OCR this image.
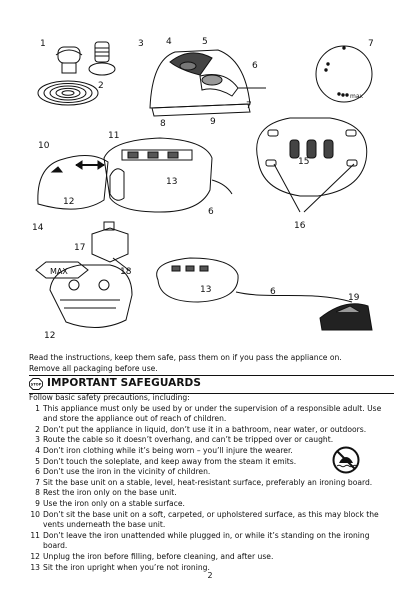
1
2
3 4	5
6
7
7
8	9
10
11
12
13
6
14
15
16
17
18
12
13	6
19
MAX
max

Read the instructions, keep them safe, pass them on if you pass the appliance on.

Remove all packaging before use.

STOP IMPORTANT SAFEGUARDS

Follow basic safety precautions, including:

1 This appliance must only be used by or under the supervision of a responsible adult. Use and store the appliance out of reach of children.
2 Don’t put the appliance in liquid, don’t use it in a bathroom, near water, or outdoors.
3 Route the cable so it doesn’t overhang, and can’t be tripped over or caught.
4 Don’t iron clothing while it’s being worn – you’ll injure the wearer.
5 Don’t touch the soleplate, and keep away from the steam it emits.
6 Don’t use the iron in the vicinity of children.
7 Sit the base unit on a stable, level, heat-resistant surface, preferably an ironing board.
8 Rest the iron only on the base unit.
9 Use the iron only on a stable surface.
10 Don’t sit the base unit on a soft, carpeted, or upholstered surface, as this may block the vents underneath the base unit.
11 Don’t leave the iron unattended while plugged in, or while it’s standing on the ironing board.
12 Unplug the iron before filling, before cleaning, and after use.
13 Sit the iron upright when you’re not ironing.
2
